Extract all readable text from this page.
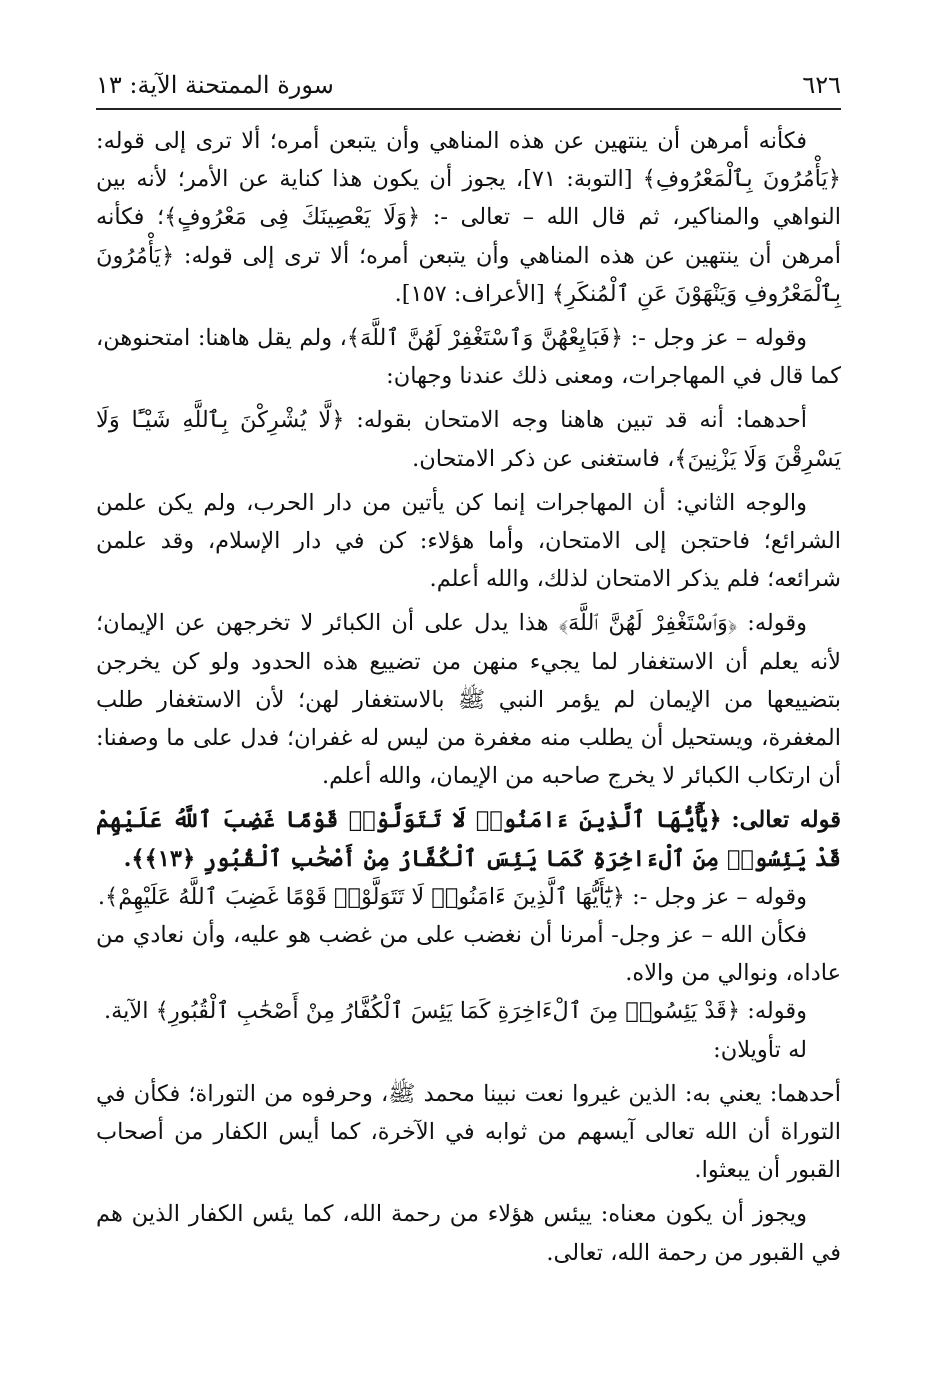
٦٢٦
سورة الممتحنة الآية: ١٣

فكأنه أمرهن أن ينتهين عن هذه المناهي وأن يتبعن أمره؛ ألا ترى إلى قوله: ﴿يَأْمُرُونَ بِٱلْمَعْرُوفِ﴾ [التوبة: ٧١]، يجوز أن يكون هذا كناية عن الأمر؛ لأنه بين النواهي والمناكير، ثم قال الله – تعالى -: ﴿وَلَا يَعْصِينَكَ فِى مَعْرُوفٍ﴾؛ فكأنه أمرهن أن ينتهين عن هذه المناهي وأن يتبعن أمره؛ ألا ترى إلى قوله: ﴿يَأْمُرُونَ بِٱلْمَعْرُوفِ وَيَنْهَوْنَ عَنِ ٱلْمُنكَرِ﴾ [الأعراف: ١٥٧].

وقوله – عز وجل -: ﴿فَبَايِعْهُنَّ وَٱسْتَغْفِرْ لَهُنَّ ٱللَّهَ﴾، ولم يقل هاهنا: امتحنوهن، كما قال في المهاجرات، ومعنى ذلك عندنا وجهان:

أحدهما: أنه قد تبين هاهنا وجه الامتحان بقوله: ﴿لَّا يُشْرِكْنَ بِٱللَّهِ شَيْـًٔا وَلَا يَسْرِقْنَ وَلَا يَزْنِينَ﴾، فاستغنى عن ذكر الامتحان.

والوجه الثاني: أن المهاجرات إنما كن يأتين من دار الحرب، ولم يكن علمن الشرائع؛ فاحتجن إلى الامتحان، وأما هؤلاء: كن في دار الإسلام، وقد علمن شرائعه؛ فلم يذكر الامتحان لذلك، والله أعلم.

وقوله: ﴿وَٱسْتَغْفِرْ لَهُنَّ ٱللَّهَ﴾ هذا يدل على أن الكبائر لا تخرجهن عن الإيمان؛ لأنه يعلم أن الاستغفار لما يجيء منهن من تضييع هذه الحدود ولو كن يخرجن بتضييعها من الإيمان لم يؤمر النبي ﷺ بالاستغفار لهن؛ لأن الاستغفار طلب المغفرة، ويستحيل أن يطلب منه مغفرة من ليس له غفران؛ فدل على ما وصفنا: أن ارتكاب الكبائر لا يخرج صاحبه من الإيمان، والله أعلم.

قوله تعالى: ﴿يَٰٓأَيُّهَا ٱلَّذِينَ ءَامَنُوا۟ لَا تَتَوَلَّوْا۟ قَوْمًا غَضِبَ ٱللَّهُ عَلَيْهِمْ قَدْ يَئِسُوا۟ مِنَ ٱلْءَاخِرَةِ كَمَا يَئِسَ ٱلْكُفَّارُ مِنْ أَصْحَٰبِ ٱلْقُبُورِ ﴿١٣﴾﴾.

وقوله – عز وجل -: ﴿يَٰٓأَيُّهَا ٱلَّذِينَ ءَامَنُوا۟ لَا تَتَوَلَّوْا۟ قَوْمًا غَضِبَ ٱللَّهُ عَلَيْهِمْ﴾.

فكأن الله – عز وجل- أمرنا أن نغضب على من غضب هو عليه، وأن نعادي من عاداه، ونوالي من والاه.

وقوله: ﴿قَدْ يَئِسُوا۟ مِنَ ٱلْءَاخِرَةِ كَمَا يَئِسَ ٱلْكُفَّارُ مِنْ أَصْحَٰبِ ٱلْقُبُورِ﴾ الآية.

له تأويلان:

أحدهما: يعني به: الذين غيروا نعت نبينا محمد ﷺ، وحرفوه من التوراة؛ فكأن في التوراة أن الله تعالى آيسهم من ثوابه في الآخرة، كما أيس الكفار من أصحاب القبور أن يبعثوا.

ويجوز أن يكون معناه: ييئس هؤلاء من رحمة الله، كما يئس الكفار الذين هم في القبور من رحمة الله، تعالى.
